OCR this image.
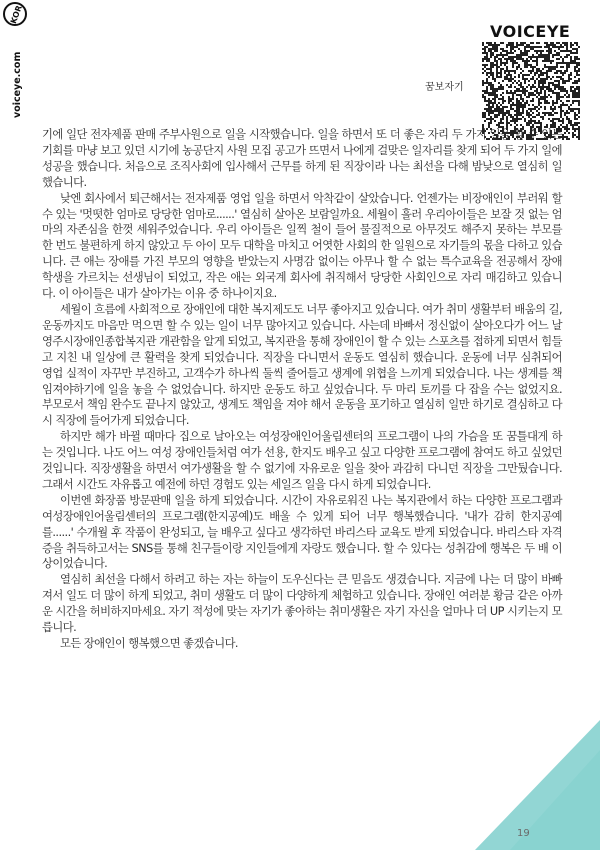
VOICEYE
KOR
voiceye.com	꿈보자기

기에 일단 전자제품 판매 주부사원으로 일을 시작했습니다. 일을 하면서 또 더 좋은 자리 두 가지 일을 할 수 있는 기회를 마냥 보고 있던 시기에 농공단지 사원 모집 공고가 뜨면서 나에게 걸맞은 일자리를 찾게 되어 두 가지 일에 성공을 했습니다. 처음으로 조직사회에 입사해서 근무를 하게 된 직장이라 나는 최선을 다해 밤낮으로 열심히 일했습니다.

낮엔 회사에서 퇴근해서는 전자제품 영업 일을 하면서 악착같이 살았습니다. 언젠가는 비장애인이 부러워 할 수 있는 '멋떳한 엄마로 당당한 엄마로......' 열심히 살아온 보람일까요. 세월이 흘러 우리아이들은 보잘 것 없는 엄마의 자존심을 한껏 세워주었습니다. 우리 아이들은 일찍 철이 들어 물질적으로 아무것도 해주지 못하는 부모를 한 번도 불편하게 하지 않았고 두 아이 모두 대학을 마치고 어엿한 사회의 한 일원으로 자기들의 몫을 다하고 있습니다. 큰 애는 장애를 가진 부모의 영향을 받았는지 사명감 없이는 아무나 할 수 없는 특수교육을 전공해서 장애 학생을 가르치는 선생님이 되었고, 작은 애는 외국계 회사에 취직해서 당당한 사회인으로 자리 매김하고 있습니다. 이 아이들은 내가 살아가는 이유 중 하나이지요.

세월이 흐름에 사회적으로 장애인에 대한 복지제도도 너무 좋아지고 있습니다. 여가 취미 생활부터 배움의 길, 운동까지도 마음만 먹으면 할 수 있는 일이 너무 많아지고 있습니다. 사는데 바빠서 정신없이 살아오다가 어느 날 영주시장애인종합복지관 개관함을 알게 되었고, 복지관을 통해 장애인이 할 수 있는 스포츠를 접하게 되면서 힘들고 지친 내 일상에 큰 활력을 찾게 되었습니다. 직장을 다니면서 운동도 열심히 했습니다. 운동에 너무 심취되어 영업 실적이 자꾸만 부진하고, 고객수가 하나씩 둘씩 줄어들고 생계에 위협을 느끼게 되었습니다. 나는 생계를 책임져야하기에 일을 놓을 수 없었습니다. 하지만 운동도 하고 싶었습니다. 두 마리 토끼를 다 잡을 수는 없었지요. 부모로서 책임 완수도 끝나지 않았고, 생계도 책임을 져야 해서 운동을 포기하고 열심히 일만 하기로 결심하고 다시 직장에 들어가게 되었습니다.

하지만 해가 바뀔 때마다 집으로 날아오는 여성장애인어울림센터의 프로그램이 나의 가슴을 또 꿈틀대게 하는 것입니다. 나도 어느 여성 장애인들처럼 여가 선용, 한지도 배우고 싶고 다양한 프로그램에 참여도 하고 싶었던 것입니다. 직장생활을 하면서 여가생활을 할 수 없기에 자유로운 일을 찾아 과감히 다니던 직장을 그만뒀습니다. 그래서 시간도 자유롭고 예전에 하던 경험도 있는 세일즈 일을 다시 하게 되었습니다.

이번엔 화장품 방문판매 일을 하게 되었습니다. 시간이 자유로워진 나는 복지관에서 하는 다양한 프로그램과 여성장애인어울림센터의 프로그램(한지공예)도 배울 수 있게 되어 너무 행복했습니다. '내가 감히 한지공예를......' 수개월 후 작품이 완성되고, 늘 배우고 싶다고 생각하던 바리스타 교육도 받게 되었습니다. 바리스타 자격증을 취득하고서는 SNS를 통해 친구들이랑 지인들에게 자랑도 했습니다. 할 수 있다는 성취감에 행복은 두 배 이상이었습니다.

열심히 최선을 다해서 하려고 하는 자는 하늘이 도우신다는 큰 믿음도 생겼습니다. 지금에 나는 더 많이 바빠져서 일도 더 많이 하게 되었고, 취미 생활도 더 많이 다양하게 체험하고 있습니다. 장애인 여러분 황금 같은 아까운 시간을 허비하지마세요. 자기 적성에 맞는 자기가 좋아하는 취미생활은 자기 자신을 얼마나 더 UP 시키는지 모릅니다.

모든 장애인이 행복했으면 좋겠습니다.

19
